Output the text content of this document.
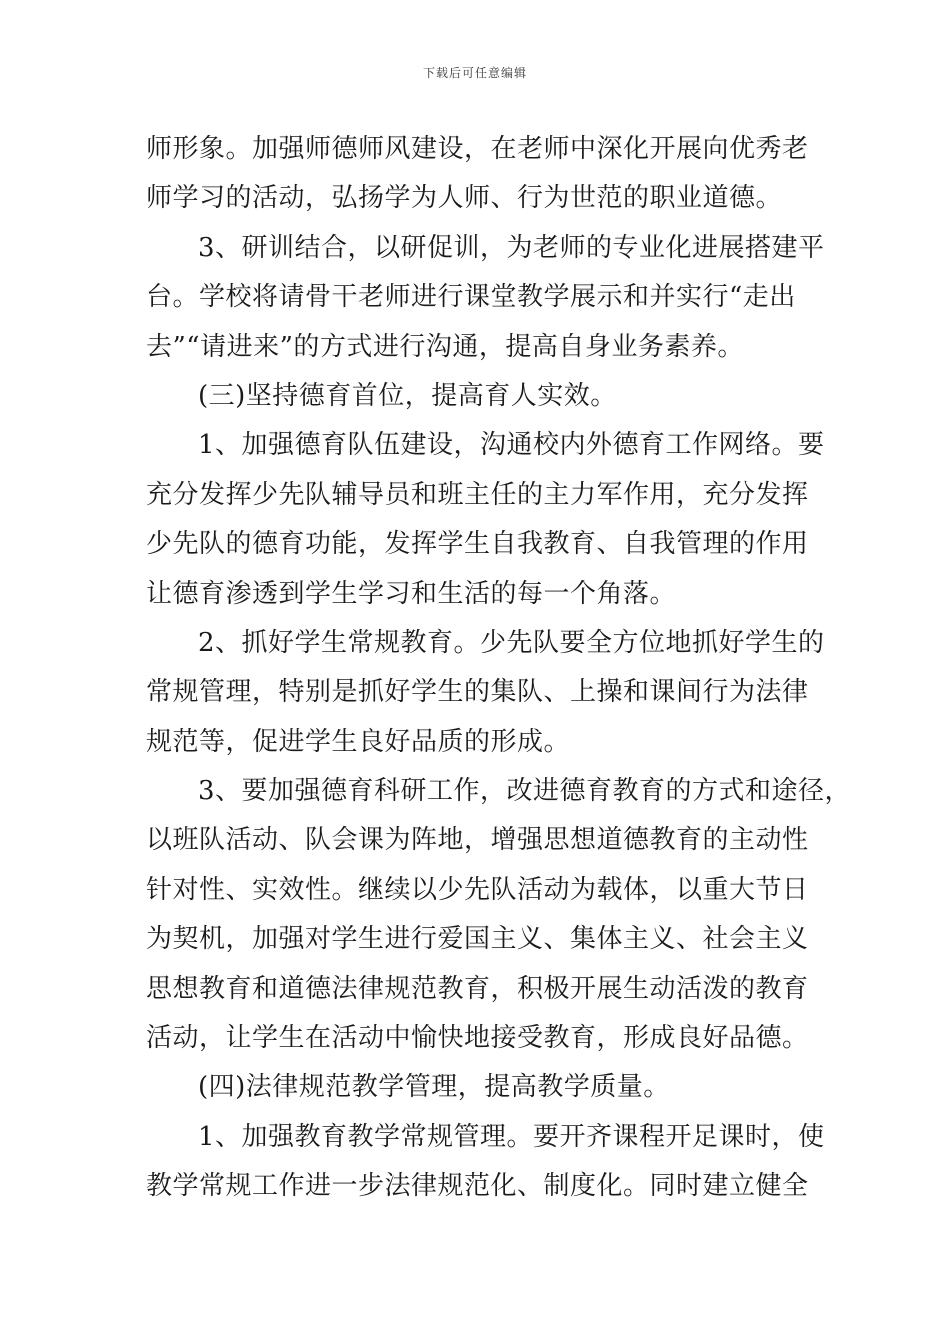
下载后可任意编辑
师形象。加强师德师风建设，在老师中深化开展向优秀老
师学习的活动，弘扬学为人师、行为世范的职业道德。
3、研训结合，以研促训，为老师的专业化进展搭建平
台。学校将请骨干老师进行课堂教学展示和并实行“走出
去”“请进来”的方式进行沟通，提高自身业务素养。
(三)坚持德育首位，提高育人实效。
1、加强德育队伍建设，沟通校内外德育工作网络。要
充分发挥少先队辅导员和班主任的主力军作用，充分发挥
少先队的德育功能，发挥学生自我教育、自我管理的作用
让德育渗透到学生学习和生活的每一个角落。
2、抓好学生常规教育。少先队要全方位地抓好学生的
常规管理，特别是抓好学生的集队、上操和课间行为法律
规范等，促进学生良好品质的形成。
3、要加强德育科研工作，改进德育教育的方式和途径，
以班队活动、队会课为阵地，增强思想道德教育的主动性
针对性、实效性。继续以少先队活动为载体，以重大节日
为契机，加强对学生进行爱国主义、集体主义、社会主义
思想教育和道德法律规范教育，积极开展生动活泼的教育
活动，让学生在活动中愉快地接受教育，形成良好品德。
(四)法律规范教学管理，提高教学质量。
1、加强教育教学常规管理。要开齐课程开足课时，使
教学常规工作进一步法律规范化、制度化。同时建立健全
